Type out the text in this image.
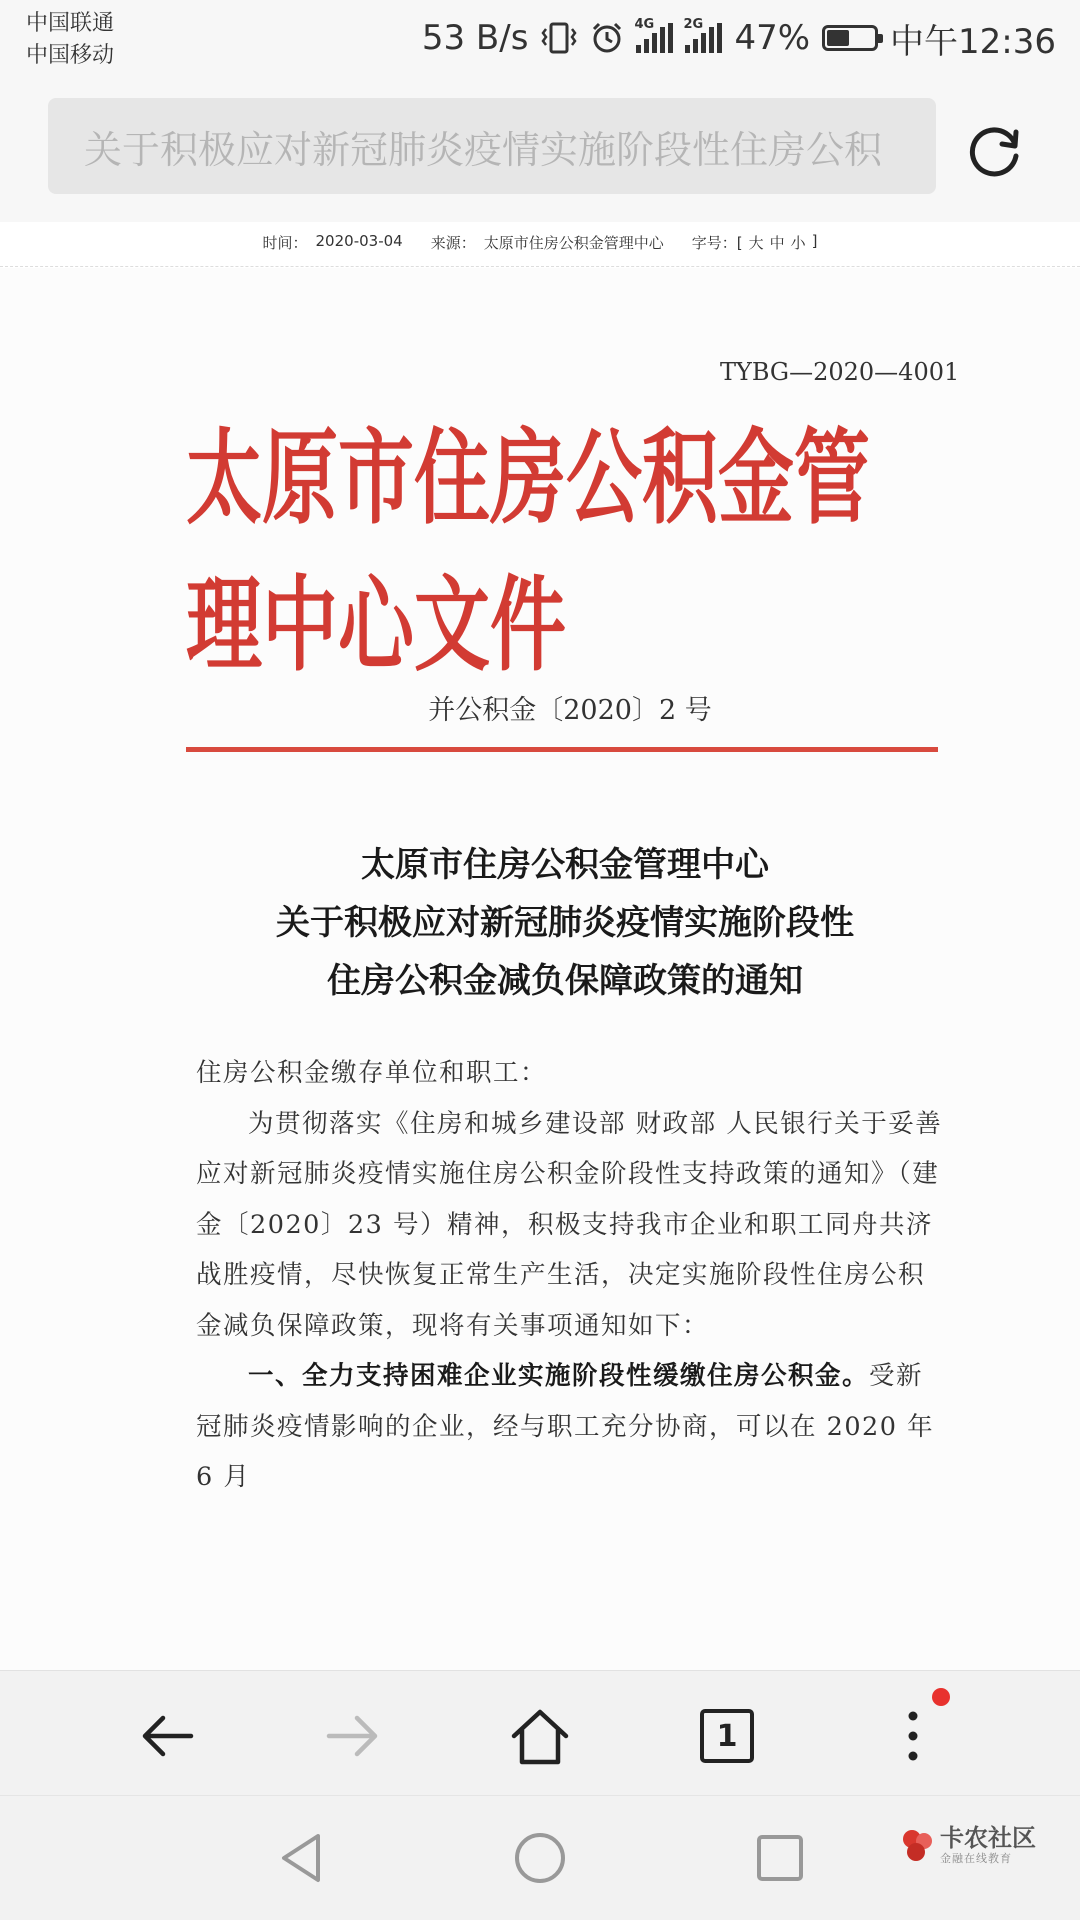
中国联通
中国移动	53 B/s	4G 2G 47% 中午12:36
关于积极应对新冠肺炎疫情实施阶段性住房公积
时间： 2020-03-04 来源： 太原市住房公积金管理中心 字号：[ 大 中 小 ]
TYBG—2020—4001
太原市住房公积金管理中心文件
并公积金〔2020〕2 号
太原市住房公积金管理中心
关于积极应对新冠肺炎疫情实施阶段性
住房公积金减负保障政策的通知

住房公积金缴存单位和职工：

为贯彻落实《住房和城乡建设部 财政部 人民银行关于妥善应对新冠肺炎疫情实施住房公积金阶段性支持政策的通知》（建金〔2020〕23 号）精神，积极支持我市企业和职工同舟共济战胜疫情，尽快恢复正常生产生活，决定实施阶段性住房公积金减负保障政策，现将有关事项通知如下：

一、全力支持困难企业实施阶段性缓缴住房公积金。受新冠肺炎疫情影响的企业，经与职工充分协商，可以在 2020 年 6 月

1
卡农社区
金融在线教育
